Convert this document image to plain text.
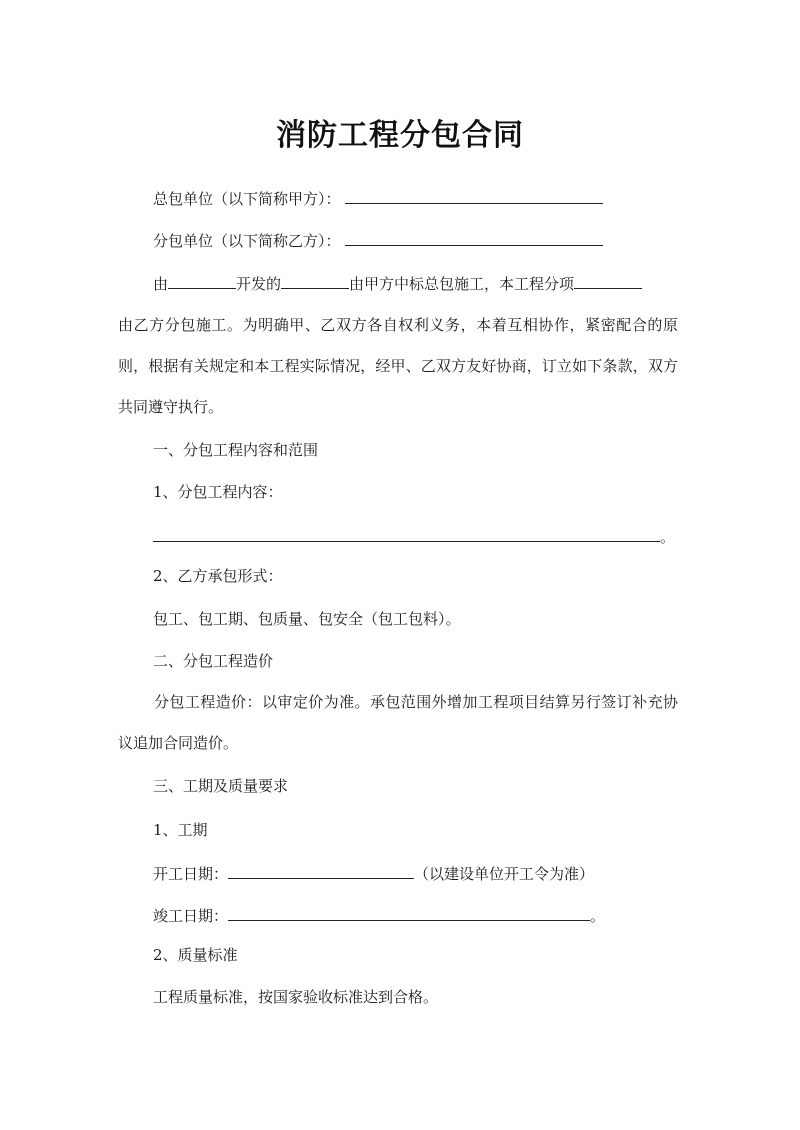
消防工程分包合同
总包单位（以下简称甲方）：
分包单位（以下简称乙方）：
由	开发的	由甲方中标总包施工，本工程分项
由乙方分包施工。为明确甲、乙双方各自权利义务，本着互相协作，紧密配合的原则，根据有关规定和本工程实际情况，经甲、乙双方友好协商，订立如下条款，双方共同遵守执行。
一、分包工程内容和范围
1、分包工程内容：
。
2、乙方承包形式：
包工、包工期、包质量、包安全（包工包料）。
二、分包工程造价
分包工程造价：以审定价为准。承包范围外增加工程项目结算另行签订补充协议追加合同造价。
三、工期及质量要求
1、工期
开工日期：	（以建设单位开工令为准）
竣工日期：	。
2、质量标准
工程质量标准，按国家验收标准达到合格。
